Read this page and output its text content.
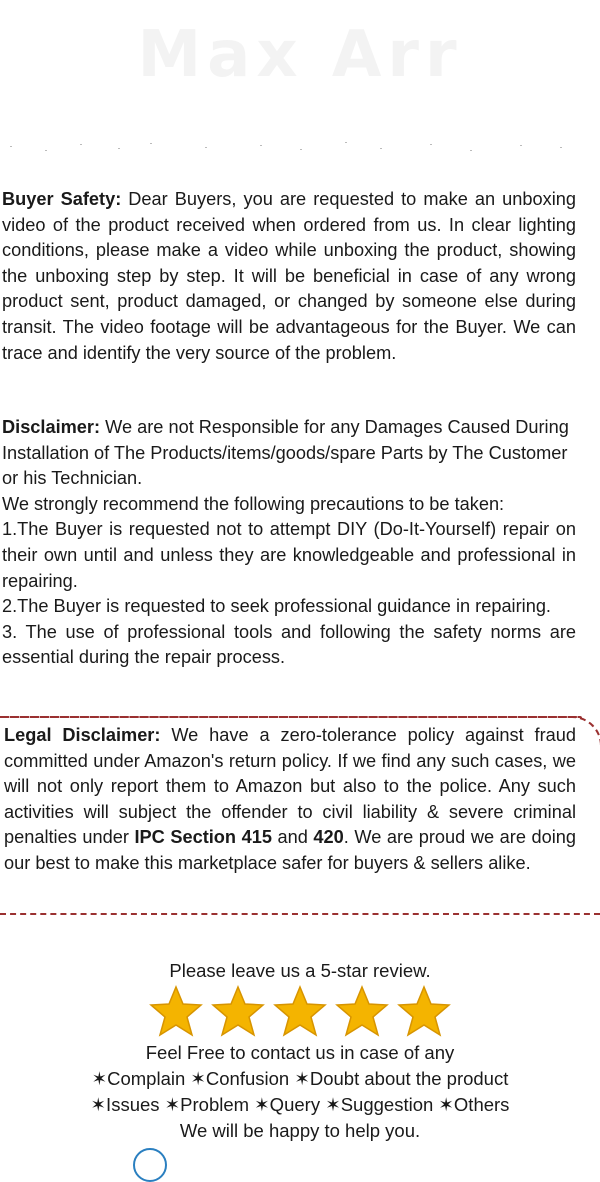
Max Arr

Buyer Safety: Dear Buyers, you are requested to make an unboxing video of the product received when ordered from us. In clear lighting conditions, please make a video while unboxing the product, showing the unboxing step by step. It will be beneficial in case of any wrong product sent, product damaged, or changed by someone else during transit. The video footage will be advantageous for the Buyer. We can trace and identify the very source of the problem.

Disclaimer: We are not Responsible for any Damages Caused During Installation of The Products/items/goods/spare Parts by The Customer or his Technician.

We strongly recommend the following precautions to be taken:

1.The Buyer is requested not to attempt DIY (Do-It-Yourself) repair on their own until and unless they are knowledgeable and professional in repairing.

2.The Buyer is requested to seek professional guidance in repairing.

3. The use of professional tools and following the safety norms are essential during the repair process.

Legal Disclaimer: We have a zero-tolerance policy against fraud committed under Amazon's return policy. If we find any such cases, we will not only report them to Amazon but also to the police. Any such activities will subject the offender to civil liability & severe criminal penalties under IPC Section 415 and 420. We are proud we are doing our best to make this marketplace safer for buyers & sellers alike.

Please leave us a 5-star review.
Feel Free to contact us in case of any
✶Complain ✶Confusion ✶Doubt about the product
✶Issues ✶Problem ✶Query ✶Suggestion ✶Others
We will be happy to help you.
